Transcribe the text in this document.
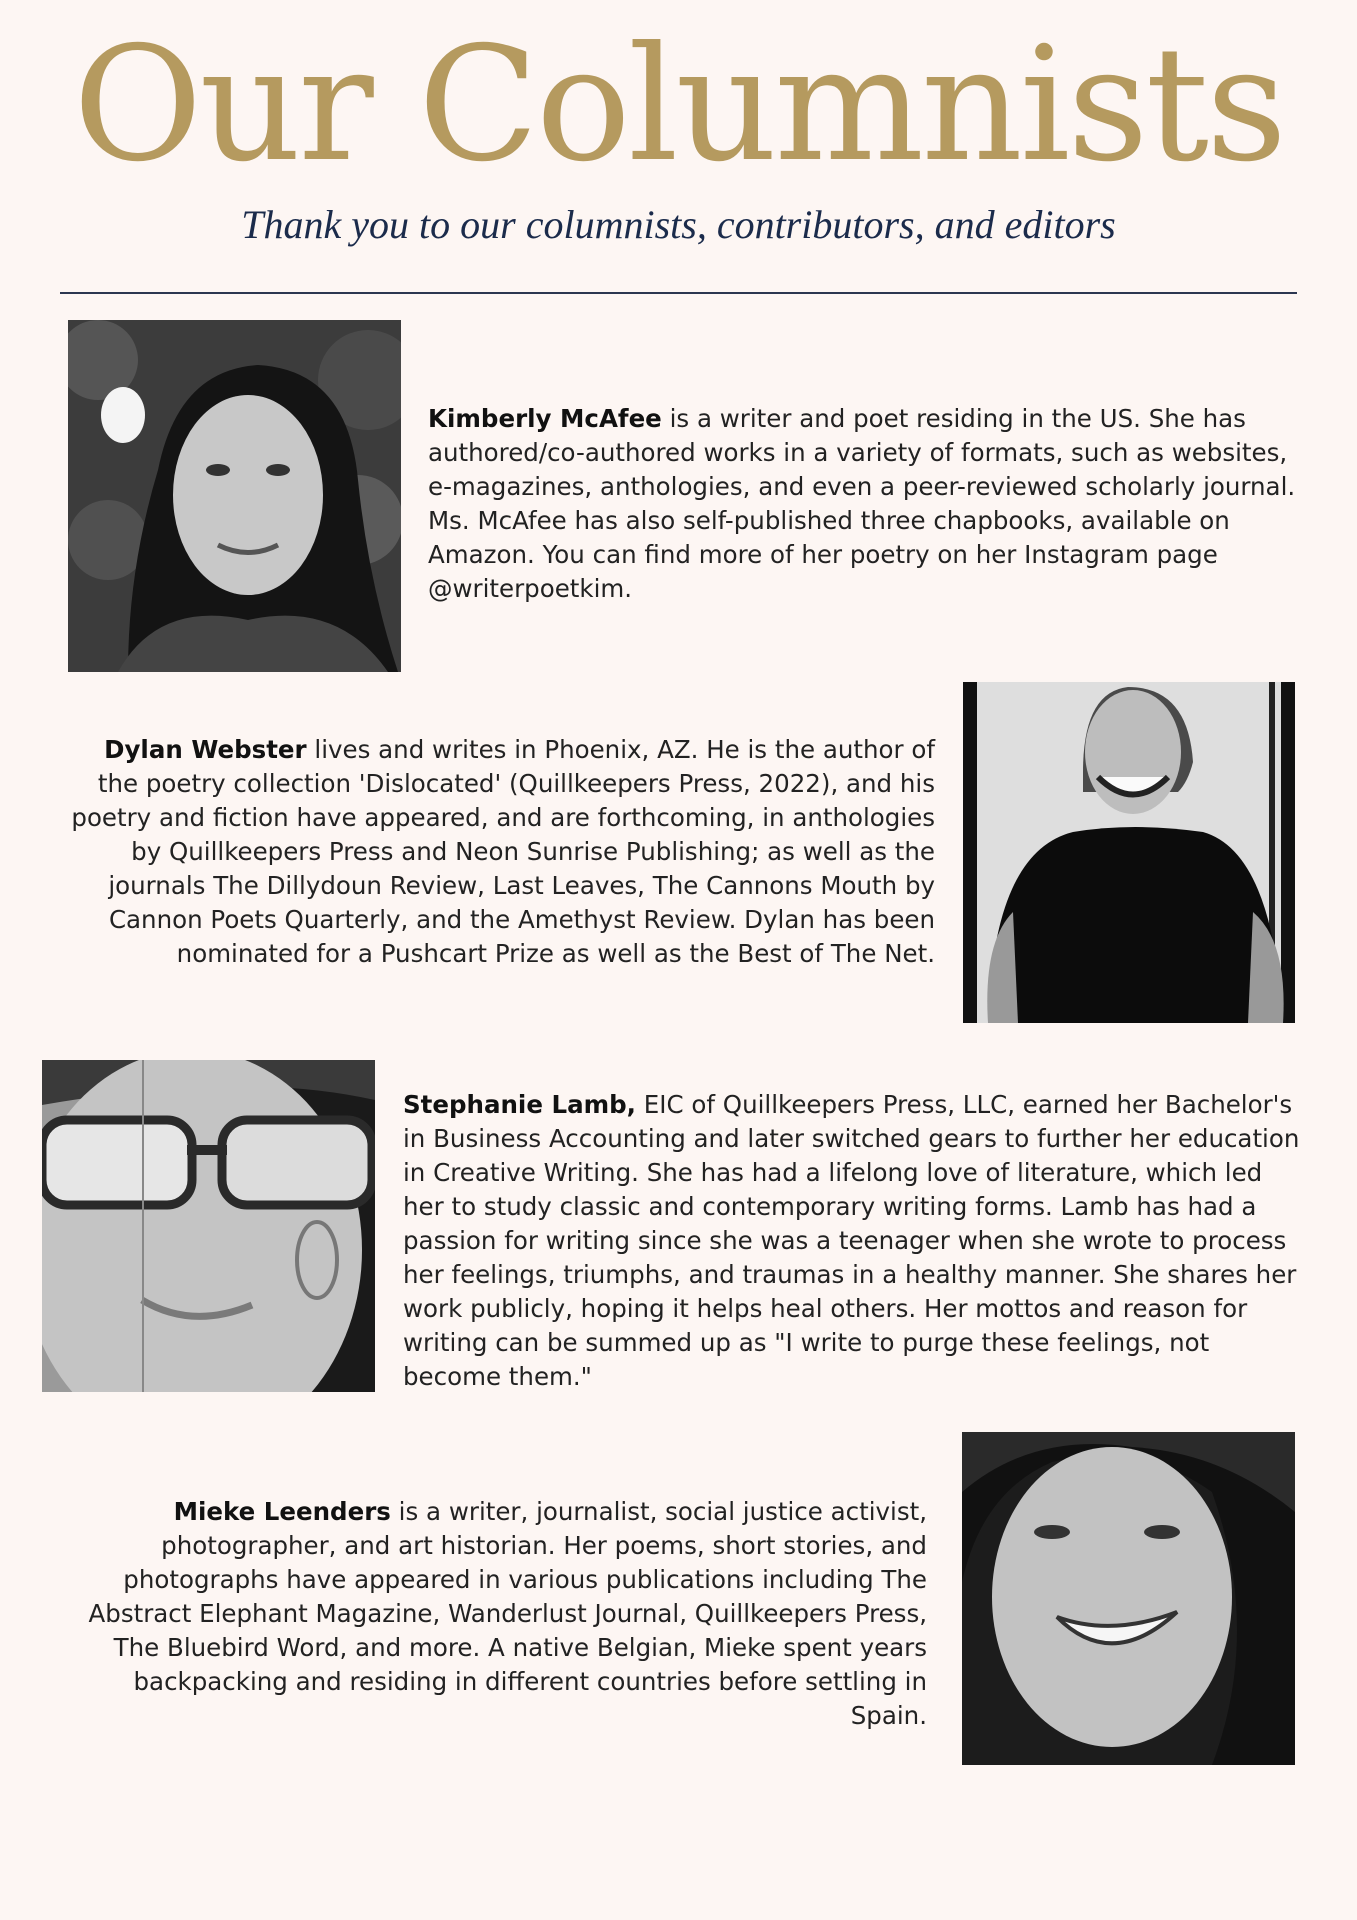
Our Columnists
Thank you to our columnists, contributors, and editors
Kimberly McAfee is a writer and poet residing in the US. She has authored/co-authored works in a variety of formats, such as websites, e-magazines, anthologies, and even a peer-reviewed scholarly journal. Ms. McAfee has also self-published three chapbooks, available on Amazon. You can find more of her poetry on her Instagram page @writerpoetkim.
Dylan Webster lives and writes in Phoenix, AZ. He is the author of the poetry collection 'Dislocated' (Quillkeepers Press, 2022), and his poetry and fiction have appeared, and are forthcoming, in anthologies by Quillkeepers Press and Neon Sunrise Publishing; as well as the journals The Dillydoun Review, Last Leaves, The Cannons Mouth by Cannon Poets Quarterly, and the Amethyst Review. Dylan has been nominated for a Pushcart Prize as well as the Best of The Net.
Stephanie Lamb, EIC of Quillkeepers Press, LLC, earned her Bachelor's in Business Accounting and later switched gears to further her education in Creative Writing. She has had a lifelong love of literature, which led her to study classic and contemporary writing forms. Lamb has had a passion for writing since she was a teenager when she wrote to process her feelings, triumphs, and traumas in a healthy manner. She shares her work publicly, hoping it helps heal others. Her mottos and reason for writing can be summed up as "I write to purge these feelings, not become them."
Mieke Leenders is a writer, journalist, social justice activist, photographer, and art historian. Her poems, short stories, and photographs have appeared in various publications including The Abstract Elephant Magazine, Wanderlust Journal, Quillkeepers Press, The Bluebird Word, and more. A native Belgian, Mieke spent years backpacking and residing in different countries before settling in Spain.
